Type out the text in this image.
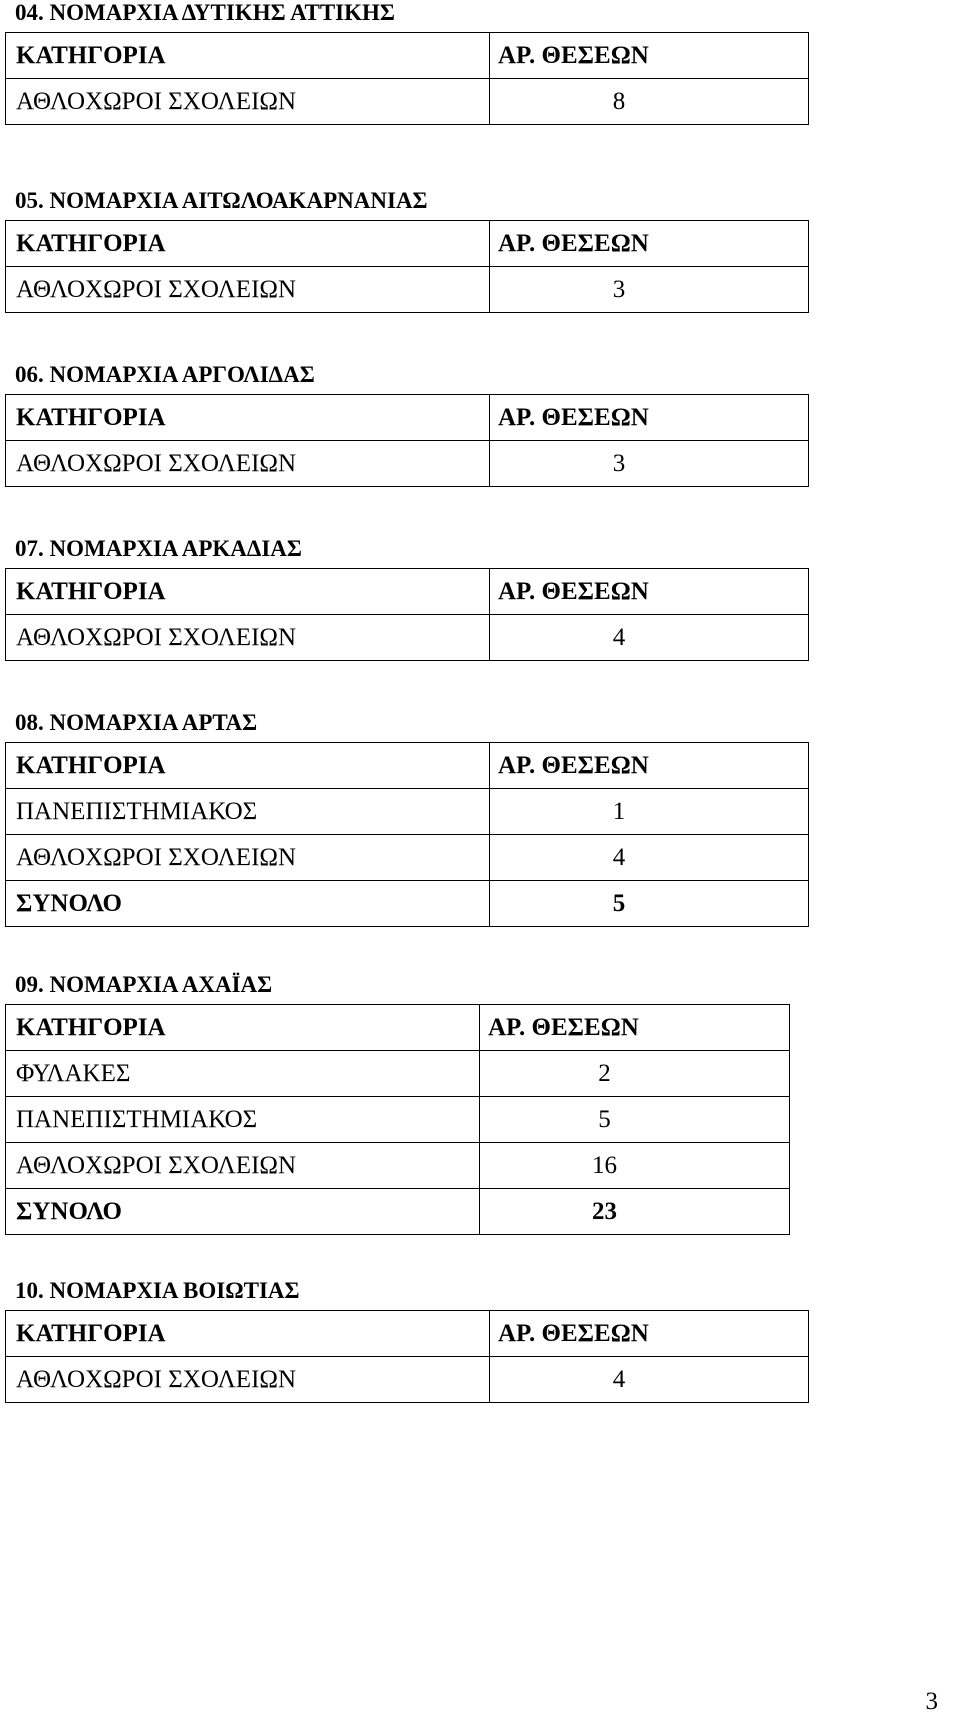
04. ΝΟΜΑΡΧΙΑ ΔΥΤΙΚΗΣ ΑΤΤΙΚΗΣ
ΚΑΤΗΓΟΡΙΑ	ΑΡ. ΘΕΣΕΩΝ
ΑΘΛΟΧΩΡΟΙ ΣΧΟΛΕΙΩΝ	8
05. ΝΟΜΑΡΧΙΑ ΑΙΤΩΛΟΑΚΑΡΝΑΝΙΑΣ
ΚΑΤΗΓΟΡΙΑ	ΑΡ. ΘΕΣΕΩΝ
ΑΘΛΟΧΩΡΟΙ ΣΧΟΛΕΙΩΝ	3
06. ΝΟΜΑΡΧΙΑ ΑΡΓΟΛΙΔΑΣ
ΚΑΤΗΓΟΡΙΑ	ΑΡ. ΘΕΣΕΩΝ
ΑΘΛΟΧΩΡΟΙ ΣΧΟΛΕΙΩΝ	3
07. ΝΟΜΑΡΧΙΑ ΑΡΚΑΔΙΑΣ
ΚΑΤΗΓΟΡΙΑ	ΑΡ. ΘΕΣΕΩΝ
ΑΘΛΟΧΩΡΟΙ ΣΧΟΛΕΙΩΝ	4
08. ΝΟΜΑΡΧΙΑ ΑΡΤΑΣ
ΚΑΤΗΓΟΡΙΑ	ΑΡ. ΘΕΣΕΩΝ
ΠΑΝΕΠΙΣΤΗΜΙΑΚΟΣ	1
ΑΘΛΟΧΩΡΟΙ ΣΧΟΛΕΙΩΝ	4
ΣΥΝΟΛΟ	5
09. ΝΟΜΑΡΧΙΑ ΑΧΑΪΑΣ
ΚΑΤΗΓΟΡΙΑ	ΑΡ. ΘΕΣΕΩΝ
ΦΥΛΑΚΕΣ	2
ΠΑΝΕΠΙΣΤΗΜΙΑΚΟΣ	5
ΑΘΛΟΧΩΡΟΙ ΣΧΟΛΕΙΩΝ	16
ΣΥΝΟΛΟ	23
10. ΝΟΜΑΡΧΙΑ ΒΟΙΩΤΙΑΣ
ΚΑΤΗΓΟΡΙΑ	ΑΡ. ΘΕΣΕΩΝ
ΑΘΛΟΧΩΡΟΙ ΣΧΟΛΕΙΩΝ	4
3
